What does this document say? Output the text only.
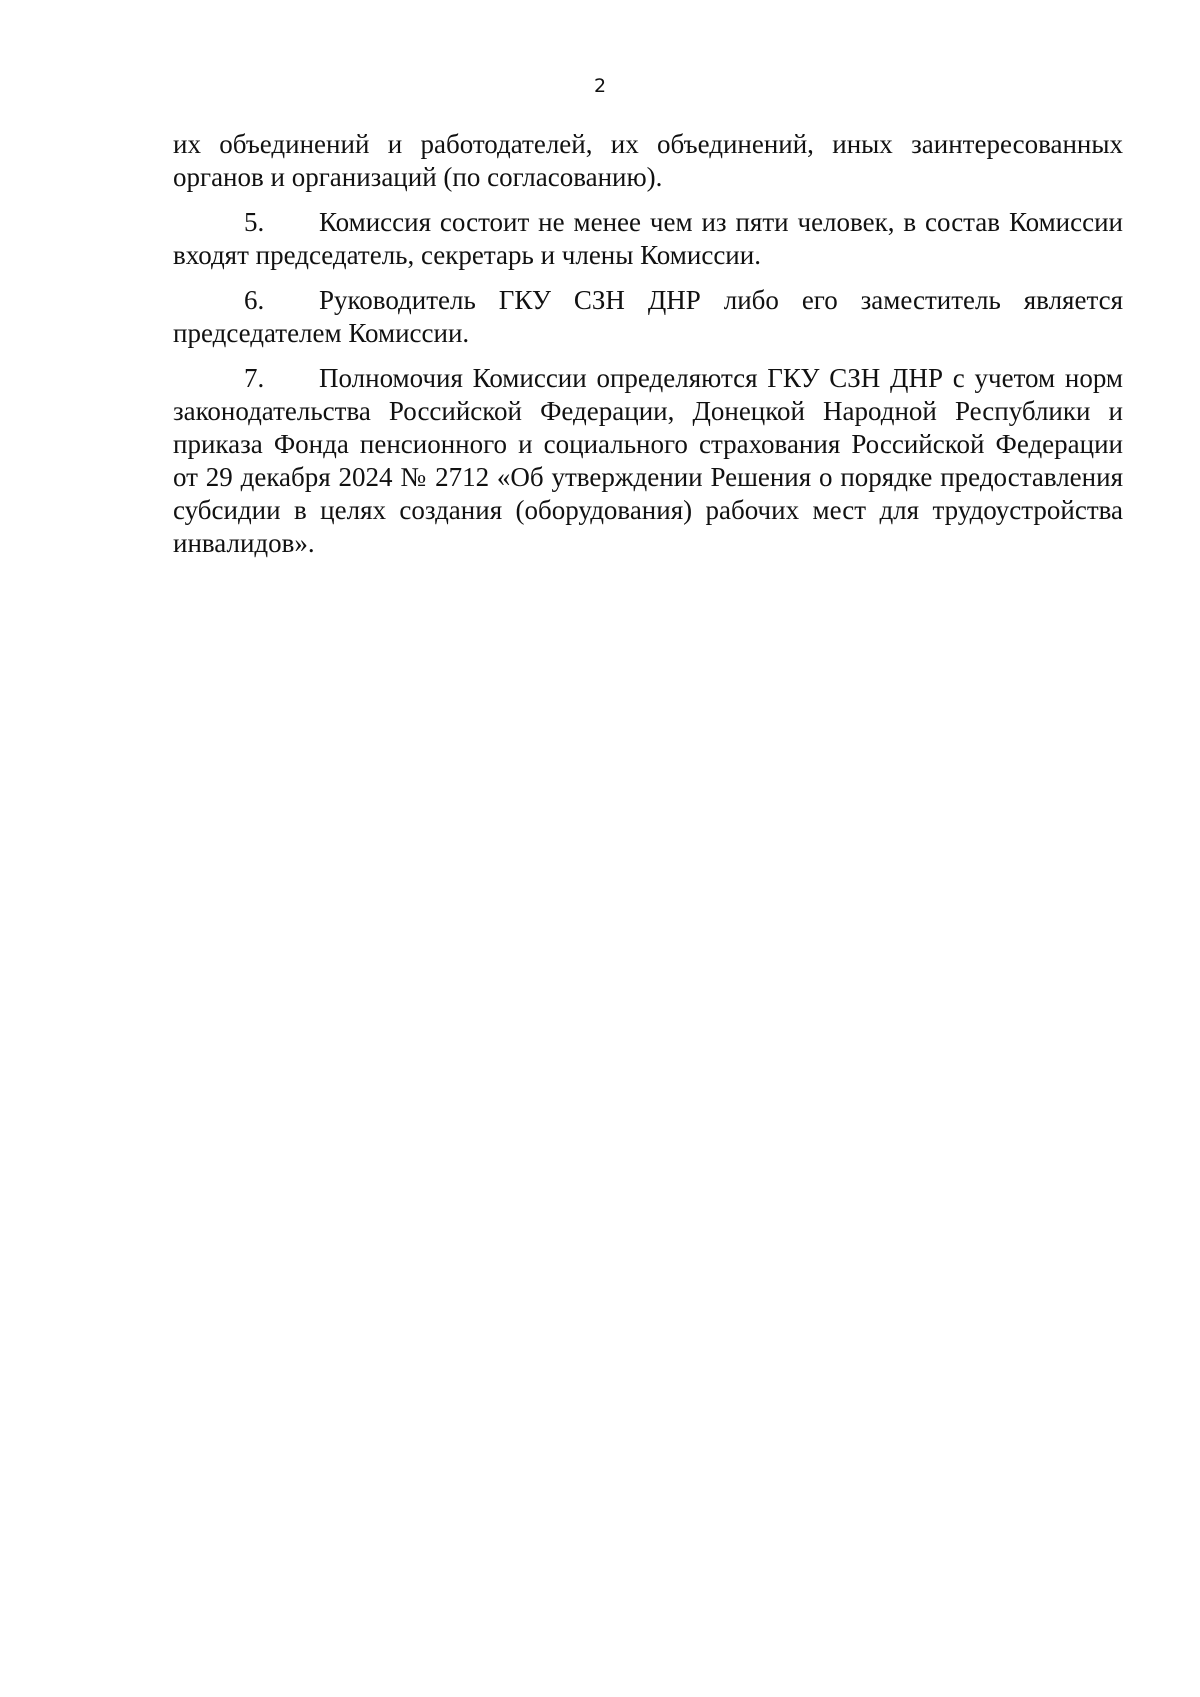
2

их объединений и работодателей, их объединений, иных заинтересованных органов и организаций (по согласованию).

5. Комиссия состоит не менее чем из пяти человек, в состав Комиссии входят председатель, секретарь и члены Комиссии.

6. Руководитель ГКУ СЗН ДНР либо его заместитель является председателем Комиссии.

7. Полномочия Комиссии определяются ГКУ СЗН ДНР с учетом норм законодательства Российской Федерации, Донецкой Народной Республики и приказа Фонда пенсионного и социального страхования Российской Федерации от 29 декабря 2024 № 2712 «Об утверждении Решения о порядке предоставления субсидии в целях создания (оборудования) рабочих мест для трудоустройства инвалидов».
